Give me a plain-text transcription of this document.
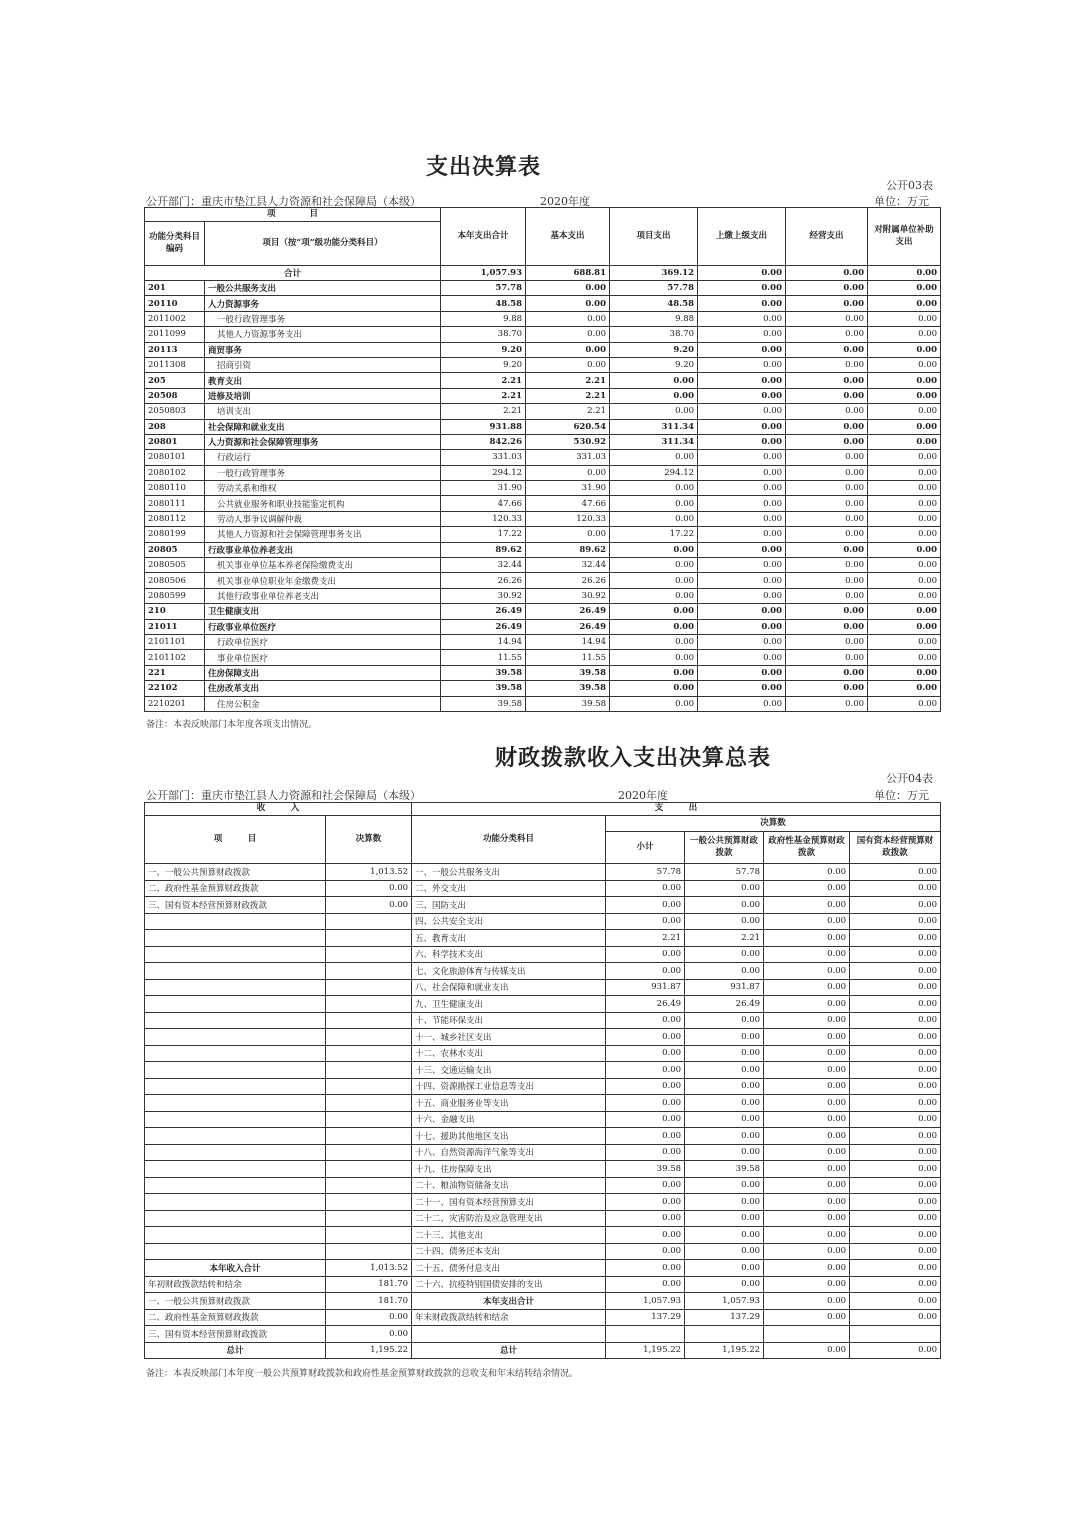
支出决算表
公开03表
公开部门：重庆市垫江县人力资源和社会保障局（本级）	2020年度	单位：万元
项　　　　目		本年支出合计	基本支出	项目支出	上缴上级支出	经营支出	对附属单位补助支出
功能分类科目编码	项目（按“项”级功能分类科目）						
合计		1,057.93	688.81	369.12	0.00	0.00	0.00
201	一般公共服务支出	57.78	0.00	57.78	0.00	0.00	0.00
20110	人力资源事务	48.58	0.00	48.58	0.00	0.00	0.00
2011002	一般行政管理事务	9.88	0.00	9.88	0.00	0.00	0.00
2011099	其他人力资源事务支出	38.70	0.00	38.70	0.00	0.00	0.00
20113	商贸事务	9.20	0.00	9.20	0.00	0.00	0.00
2011308	招商引资	9.20	0.00	9.20	0.00	0.00	0.00
205	教育支出	2.21	2.21	0.00	0.00	0.00	0.00
20508	进修及培训	2.21	2.21	0.00	0.00	0.00	0.00
2050803	培训支出	2.21	2.21	0.00	0.00	0.00	0.00
208	社会保障和就业支出	931.88	620.54	311.34	0.00	0.00	0.00
20801	人力资源和社会保障管理事务	842.26	530.92	311.34	0.00	0.00	0.00
2080101	行政运行	331.03	331.03	0.00	0.00	0.00	0.00
2080102	一般行政管理事务	294.12	0.00	294.12	0.00	0.00	0.00
2080110	劳动关系和维权	31.90	31.90	0.00	0.00	0.00	0.00
2080111	公共就业服务和职业技能鉴定机构	47.66	47.66	0.00	0.00	0.00	0.00
2080112	劳动人事争议调解仲裁	120.33	120.33	0.00	0.00	0.00	0.00
2080199	其他人力资源和社会保障管理事务支出	17.22	0.00	17.22	0.00	0.00	0.00
20805	行政事业单位养老支出	89.62	89.62	0.00	0.00	0.00	0.00
2080505	机关事业单位基本养老保险缴费支出	32.44	32.44	0.00	0.00	0.00	0.00
2080506	机关事业单位职业年金缴费支出	26.26	26.26	0.00	0.00	0.00	0.00
2080599	其他行政事业单位养老支出	30.92	30.92	0.00	0.00	0.00	0.00
210	卫生健康支出	26.49	26.49	0.00	0.00	0.00	0.00
21011	行政事业单位医疗	26.49	26.49	0.00	0.00	0.00	0.00
2101101	行政单位医疗	14.94	14.94	0.00	0.00	0.00	0.00
2101102	事业单位医疗	11.55	11.55	0.00	0.00	0.00	0.00
221	住房保障支出	39.58	39.58	0.00	0.00	0.00	0.00
22102	住房改革支出	39.58	39.58	0.00	0.00	0.00	0.00
2210201	住房公积金	39.58	39.58	0.00	0.00	0.00	0.00
备注：本表反映部门本年度各项支出情况。
财政拨款收入支出决算总表
公开04表
公开部门：重庆市垫江县人力资源和社会保障局（本级）	2020年度	单位：万元
收　　　入		支　　　出				
项　　　目	决算数	功能分类科目	决算数			
			小计	一般公共预算财政拨款	政府性基金预算财政拨款	国有资本经营预算财政拨款
一、一般公共预算财政拨款	1,013.52	一、一般公共服务支出	57.78	57.78	0.00	0.00
二、政府性基金预算财政拨款	0.00	二、外交支出	0.00	0.00	0.00	0.00
三、国有资本经营预算财政拨款	0.00	三、国防支出	0.00	0.00	0.00	0.00
		四、公共安全支出	0.00	0.00	0.00	0.00
		五、教育支出	2.21	2.21	0.00	0.00
		六、科学技术支出	0.00	0.00	0.00	0.00
		七、文化旅游体育与传媒支出	0.00	0.00	0.00	0.00
		八、社会保障和就业支出	931.87	931.87	0.00	0.00
		九、卫生健康支出	26.49	26.49	0.00	0.00
		十、节能环保支出	0.00	0.00	0.00	0.00
		十一、城乡社区支出	0.00	0.00	0.00	0.00
		十二、农林水支出	0.00	0.00	0.00	0.00
		十三、交通运输支出	0.00	0.00	0.00	0.00
		十四、资源勘探工业信息等支出	0.00	0.00	0.00	0.00
		十五、商业服务业等支出	0.00	0.00	0.00	0.00
		十六、金融支出	0.00	0.00	0.00	0.00
		十七、援助其他地区支出	0.00	0.00	0.00	0.00
		十八、自然资源海洋气象等支出	0.00	0.00	0.00	0.00
		十九、住房保障支出	39.58	39.58	0.00	0.00
		二十、粮油物资储备支出	0.00	0.00	0.00	0.00
		二十一、国有资本经营预算支出	0.00	0.00	0.00	0.00
		二十二、灾害防治及应急管理支出	0.00	0.00	0.00	0.00
		二十三、其他支出	0.00	0.00	0.00	0.00
		二十四、债务还本支出	0.00	0.00	0.00	0.00
本年收入合计	1,013.52	二十五、债务付息支出	0.00	0.00	0.00	0.00
年初财政拨款结转和结余	181.70	二十六、抗疫特别国债安排的支出	0.00	0.00	0.00	0.00
一、一般公共预算财政拨款	181.70	本年支出合计	1,057.93	1,057.93	0.00	0.00
二、政府性基金预算财政拨款	0.00	年末财政拨款结转和结余	137.29	137.29	0.00	0.00
三、国有资本经营预算财政拨款	0.00					
总计	1,195.22	总计	1,195.22	1,195.22	0.00	0.00
备注：本表反映部门本年度一般公共预算财政拨款和政府性基金预算财政拨款的总收支和年末结转结余情况。
